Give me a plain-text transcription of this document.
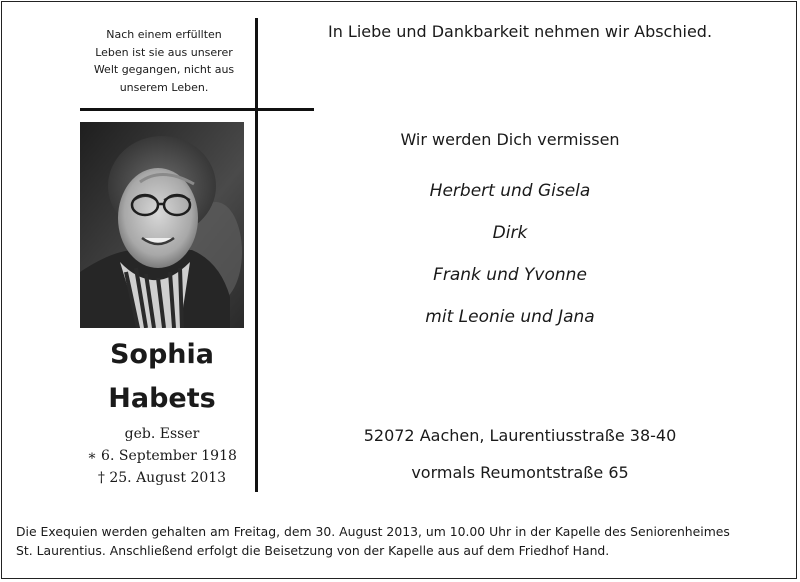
Nach einem erfüllten
Leben ist sie aus unserer
Welt gegangen, nicht aus
unserem Leben.
Sophia
Habets
geb. Esser
∗ 6. September 1918
† 25. August 2013
In Liebe und Dankbarkeit nehmen wir Abschied.
Wir werden Dich vermissen
Herbert und Gisela
Dirk
Frank und Yvonne
mit Leonie und Jana
52072 Aachen, Laurentiusstraße 38-40
vormals Reumontstraße 65
Die Exequien werden gehalten am Freitag, dem 30. August 2013, um 10.00 Uhr in der Kapelle des Seniorenheimes
St. Laurentius. Anschließend erfolgt die Beisetzung von der Kapelle aus auf dem Friedhof Hand.
